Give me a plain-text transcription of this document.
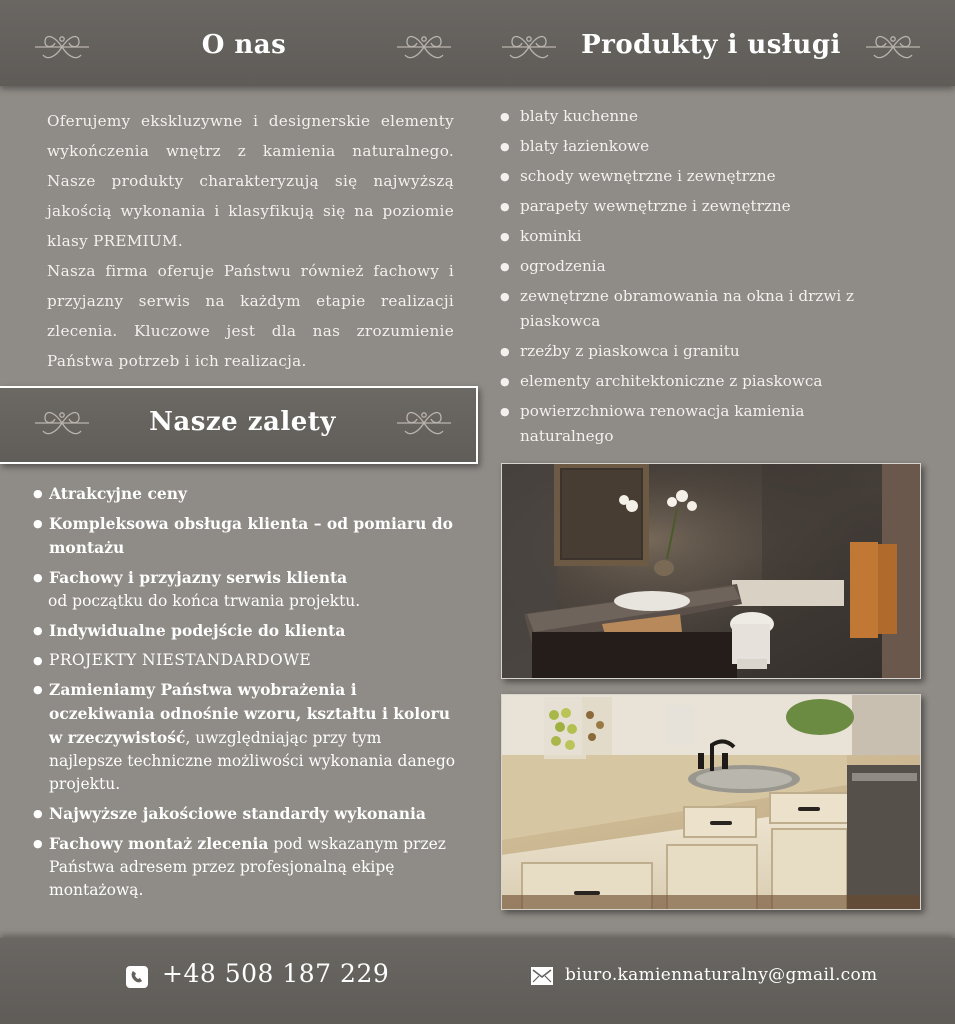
O nas	Produkty i usługi

Oferujemy ekskluzywne i designerskie elementy wykończenia wnętrz z kamienia naturalnego. Nasze produkty charakteryzują się najwyższą jakością wykonania i klasyfikują się na poziomie klasy PREMIUM.

Nasza firma oferuje Państwu również fachowy i przyjazny serwis na każdym etapie realizacji zlecenia. Kluczowe jest dla nas zrozumienie Państwa potrzeb i ich realizacja.

Nasze zalety
● Atrakcyjne ceny
● Kompleksowa obsługa klienta – od pomiaru do montażu
● Fachowy i przyjazny serwis klienta
od początku do końca trwania projektu.
● Indywidualne podejście do klienta
● PROJEKTY NIESTANDARDOWE
● Zamieniamy Państwa wyobrażenia i oczekiwania odnośnie wzoru, kształtu i koloru w rzeczywistość, uwzględniając przy tym najlepsze techniczne możliwości wykonania danego projektu.
● Najwyższe jakościowe standardy wykonania
● Fachowy montaż zlecenia pod wskazanym przez Państwa adresem przez profesjonalną ekipę montażową.
● blaty kuchenne
● blaty łazienkowe
● schody wewnętrzne i zewnętrzne
● parapety wewnętrzne i zewnętrzne
● kominki
● ogrodzenia
● zewnętrzne obramowania na okna i drzwi z piaskowca
● rzeźby z piaskowca i granitu
● elementy architektoniczne z piaskowca
● powierzchniowa renowacja kamienia naturalnego
+48 508 187 229	biuro.kamiennaturalny@gmail.com
